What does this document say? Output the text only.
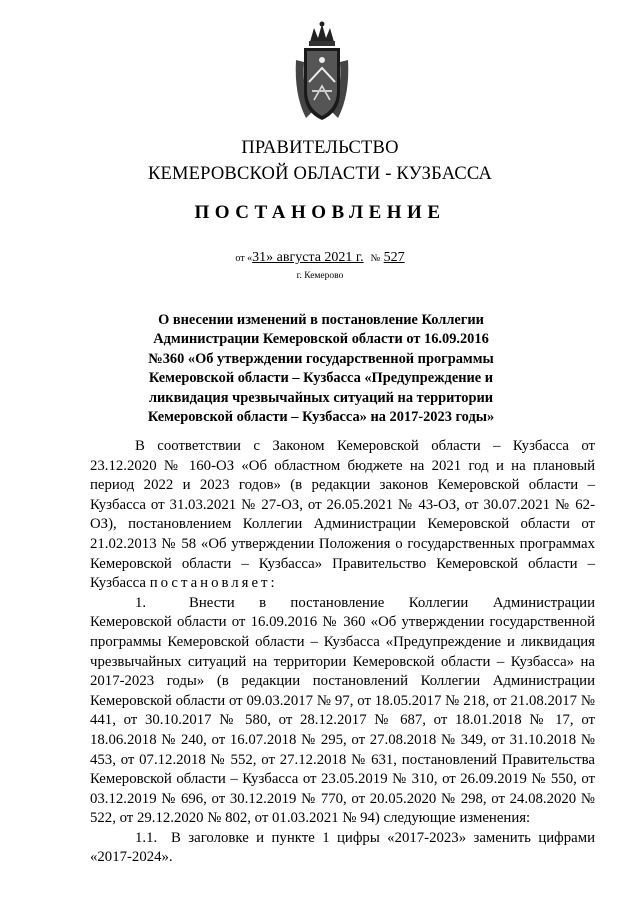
ПРАВИТЕЛЬСТВО
КЕМЕРОВСКОЙ ОБЛАСТИ - КУЗБАССА
ПОСТАНОВЛЕНИЕ
от «31» августа 2021 г. № 527
г. Кемерово
О внесении изменений в постановление Коллегии
Администрации Кемеровской области от 16.09.2016
№360 «Об утверждении государственной программы
Кемеровской области – Кузбасса «Предупреждение и
ликвидация чрезвычайных ситуаций на территории
Кемеровской области – Кузбасса» на 2017-2023 годы»

В соответствии с Законом Кемеровской области – Кузбасса от 23.12.2020 № 160-ОЗ «Об областном бюджете на 2021 год и на плановый период 2022 и 2023 годов» (в редакции законов Кемеровской области – Кузбасса от 31.03.2021 № 27-ОЗ, от 26.05.2021 № 43-ОЗ, от 30.07.2021 № 62-ОЗ), постановлением Коллегии Администрации Кемеровской области от 21.02.2013 № 58 «Об утверждении Положения о государственных программах Кемеровской области – Кузбасса» Правительство Кемеровской области – Кузбасса постановляет:

1.	Внести в постановление Коллегии Администрации Кемеровской области от 16.09.2016 № 360 «Об утверждении государственной программы Кемеровской области – Кузбасса «Предупреждение и ликвидация чрезвычайных ситуаций на территории Кемеровской области – Кузбасса» на 2017-2023 годы» (в редакции постановлений Коллегии Администрации Кемеровской области от 09.03.2017 № 97, от 18.05.2017 № 218, от 21.08.2017 № 441, от 30.10.2017 № 580, от 28.12.2017 № 687, от 18.01.2018 № 17, от 18.06.2018 № 240, от 16.07.2018 № 295, от 27.08.2018 № 349, от 31.10.2018 № 453, от 07.12.2018 № 552, от 27.12.2018 № 631, постановлений Правительства Кемеровской области – Кузбасса от 23.05.2019 № 310, от 26.09.2019 № 550, от 03.12.2019 № 696, от 30.12.2019 № 770, от 20.05.2020 № 298, от 24.08.2020 № 522, от 29.12.2020 № 802, от 01.03.2021 № 94) следующие изменения:

1.1. В заголовке и пункте 1 цифры «2017-2023» заменить цифрами «2017-2024».
